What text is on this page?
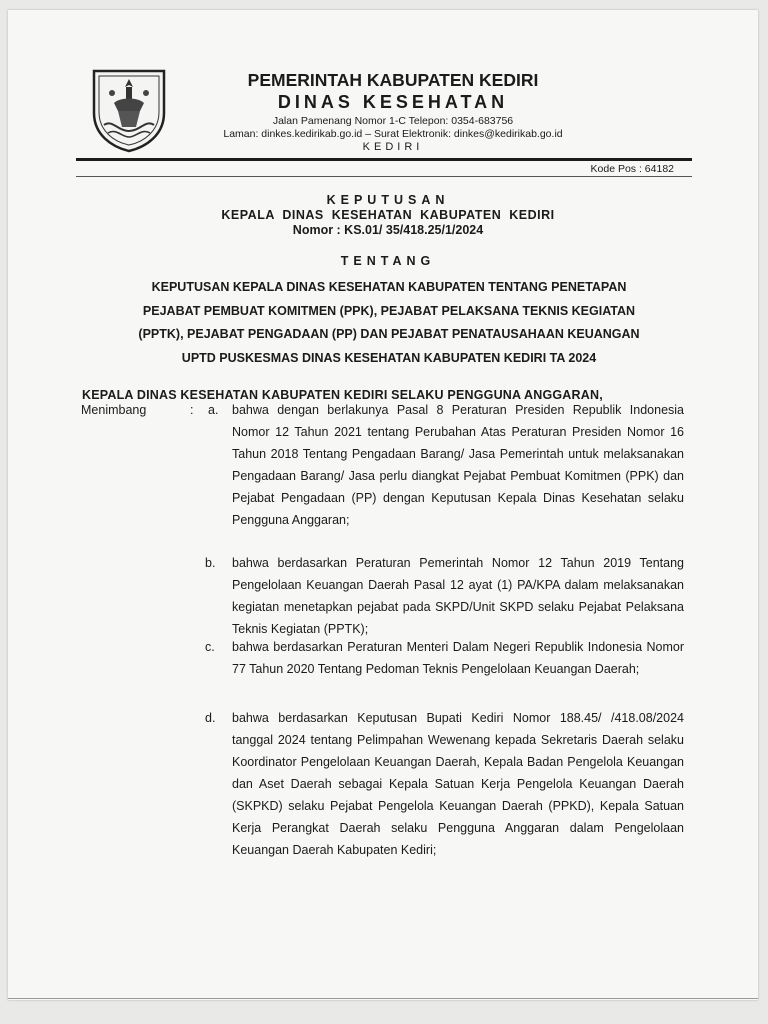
PEMERINTAH KABUPATEN KEDIRI
DINAS KESEHATAN
Jalan Pamenang Nomor 1-C Telepon: 0354-683756
Laman: dinkes.kedirikab.go.id – Surat Elektronik: dinkes@kedirikab.go.id
KEDIRI
Kode Pos : 64182
KEPUTUSAN
KEPALA DINAS KESEHATAN KABUPATEN KEDIRI
Nomor : KS.01/ 35/418.25/1/2024
TENTANG
KEPUTUSAN KEPALA DINAS KESEHATAN KABUPATEN TENTANG PENETAPAN
PEJABAT PEMBUAT KOMITMEN (PPK), PEJABAT PELAKSANA TEKNIS KEGIATAN
(PPTK), PEJABAT PENGADAAN (PP) DAN PEJABAT PENATAUSAHAAN KEUANGAN
UPTD PUSKESMAS DINAS KESEHATAN KABUPATEN KEDIRI TA 2024
KEPALA DINAS KESEHATAN KABUPATEN KEDIRI SELAKU PENGGUNA ANGGARAN,
Menimbang	: a. bahwa dengan berlakunya Pasal 8 Peraturan Presiden Republik Indonesia Nomor 12 Tahun 2021 tentang Perubahan Atas Peraturan Presiden Nomor 16 Tahun 2018 Tentang Pengadaan Barang/ Jasa Pemerintah untuk melaksanakan Pengadaan Barang/ Jasa perlu diangkat Pejabat Pembuat Komitmen (PPK) dan Pejabat Pengadaan (PP) dengan Keputusan Kepala Dinas Kesehatan selaku Pengguna Anggaran;
b. bahwa berdasarkan Peraturan Pemerintah Nomor 12 Tahun 2019 Tentang Pengelolaan Keuangan Daerah Pasal 12 ayat (1) PA/KPA dalam melaksanakan kegiatan menetapkan pejabat pada SKPD/Unit SKPD selaku Pejabat Pelaksana Teknis Kegiatan (PPTK);
c. bahwa berdasarkan Peraturan Menteri Dalam Negeri Republik Indonesia Nomor 77 Tahun 2020 Tentang Pedoman Teknis Pengelolaan Keuangan Daerah;
d. bahwa berdasarkan Keputusan Bupati Kediri Nomor 188.45/ /418.08/2024 tanggal 2024 tentang Pelimpahan Wewenang kepada Sekretaris Daerah selaku Koordinator Pengelolaan Keuangan Daerah, Kepala Badan Pengelola Keuangan dan Aset Daerah sebagai Kepala Satuan Kerja Pengelola Keuangan Daerah (SKPKD) selaku Pejabat Pengelola Keuangan Daerah (PPKD), Kepala Satuan Kerja Perangkat Daerah selaku Pengguna Anggaran dalam Pengelolaan Keuangan Daerah Kabupaten Kediri;
